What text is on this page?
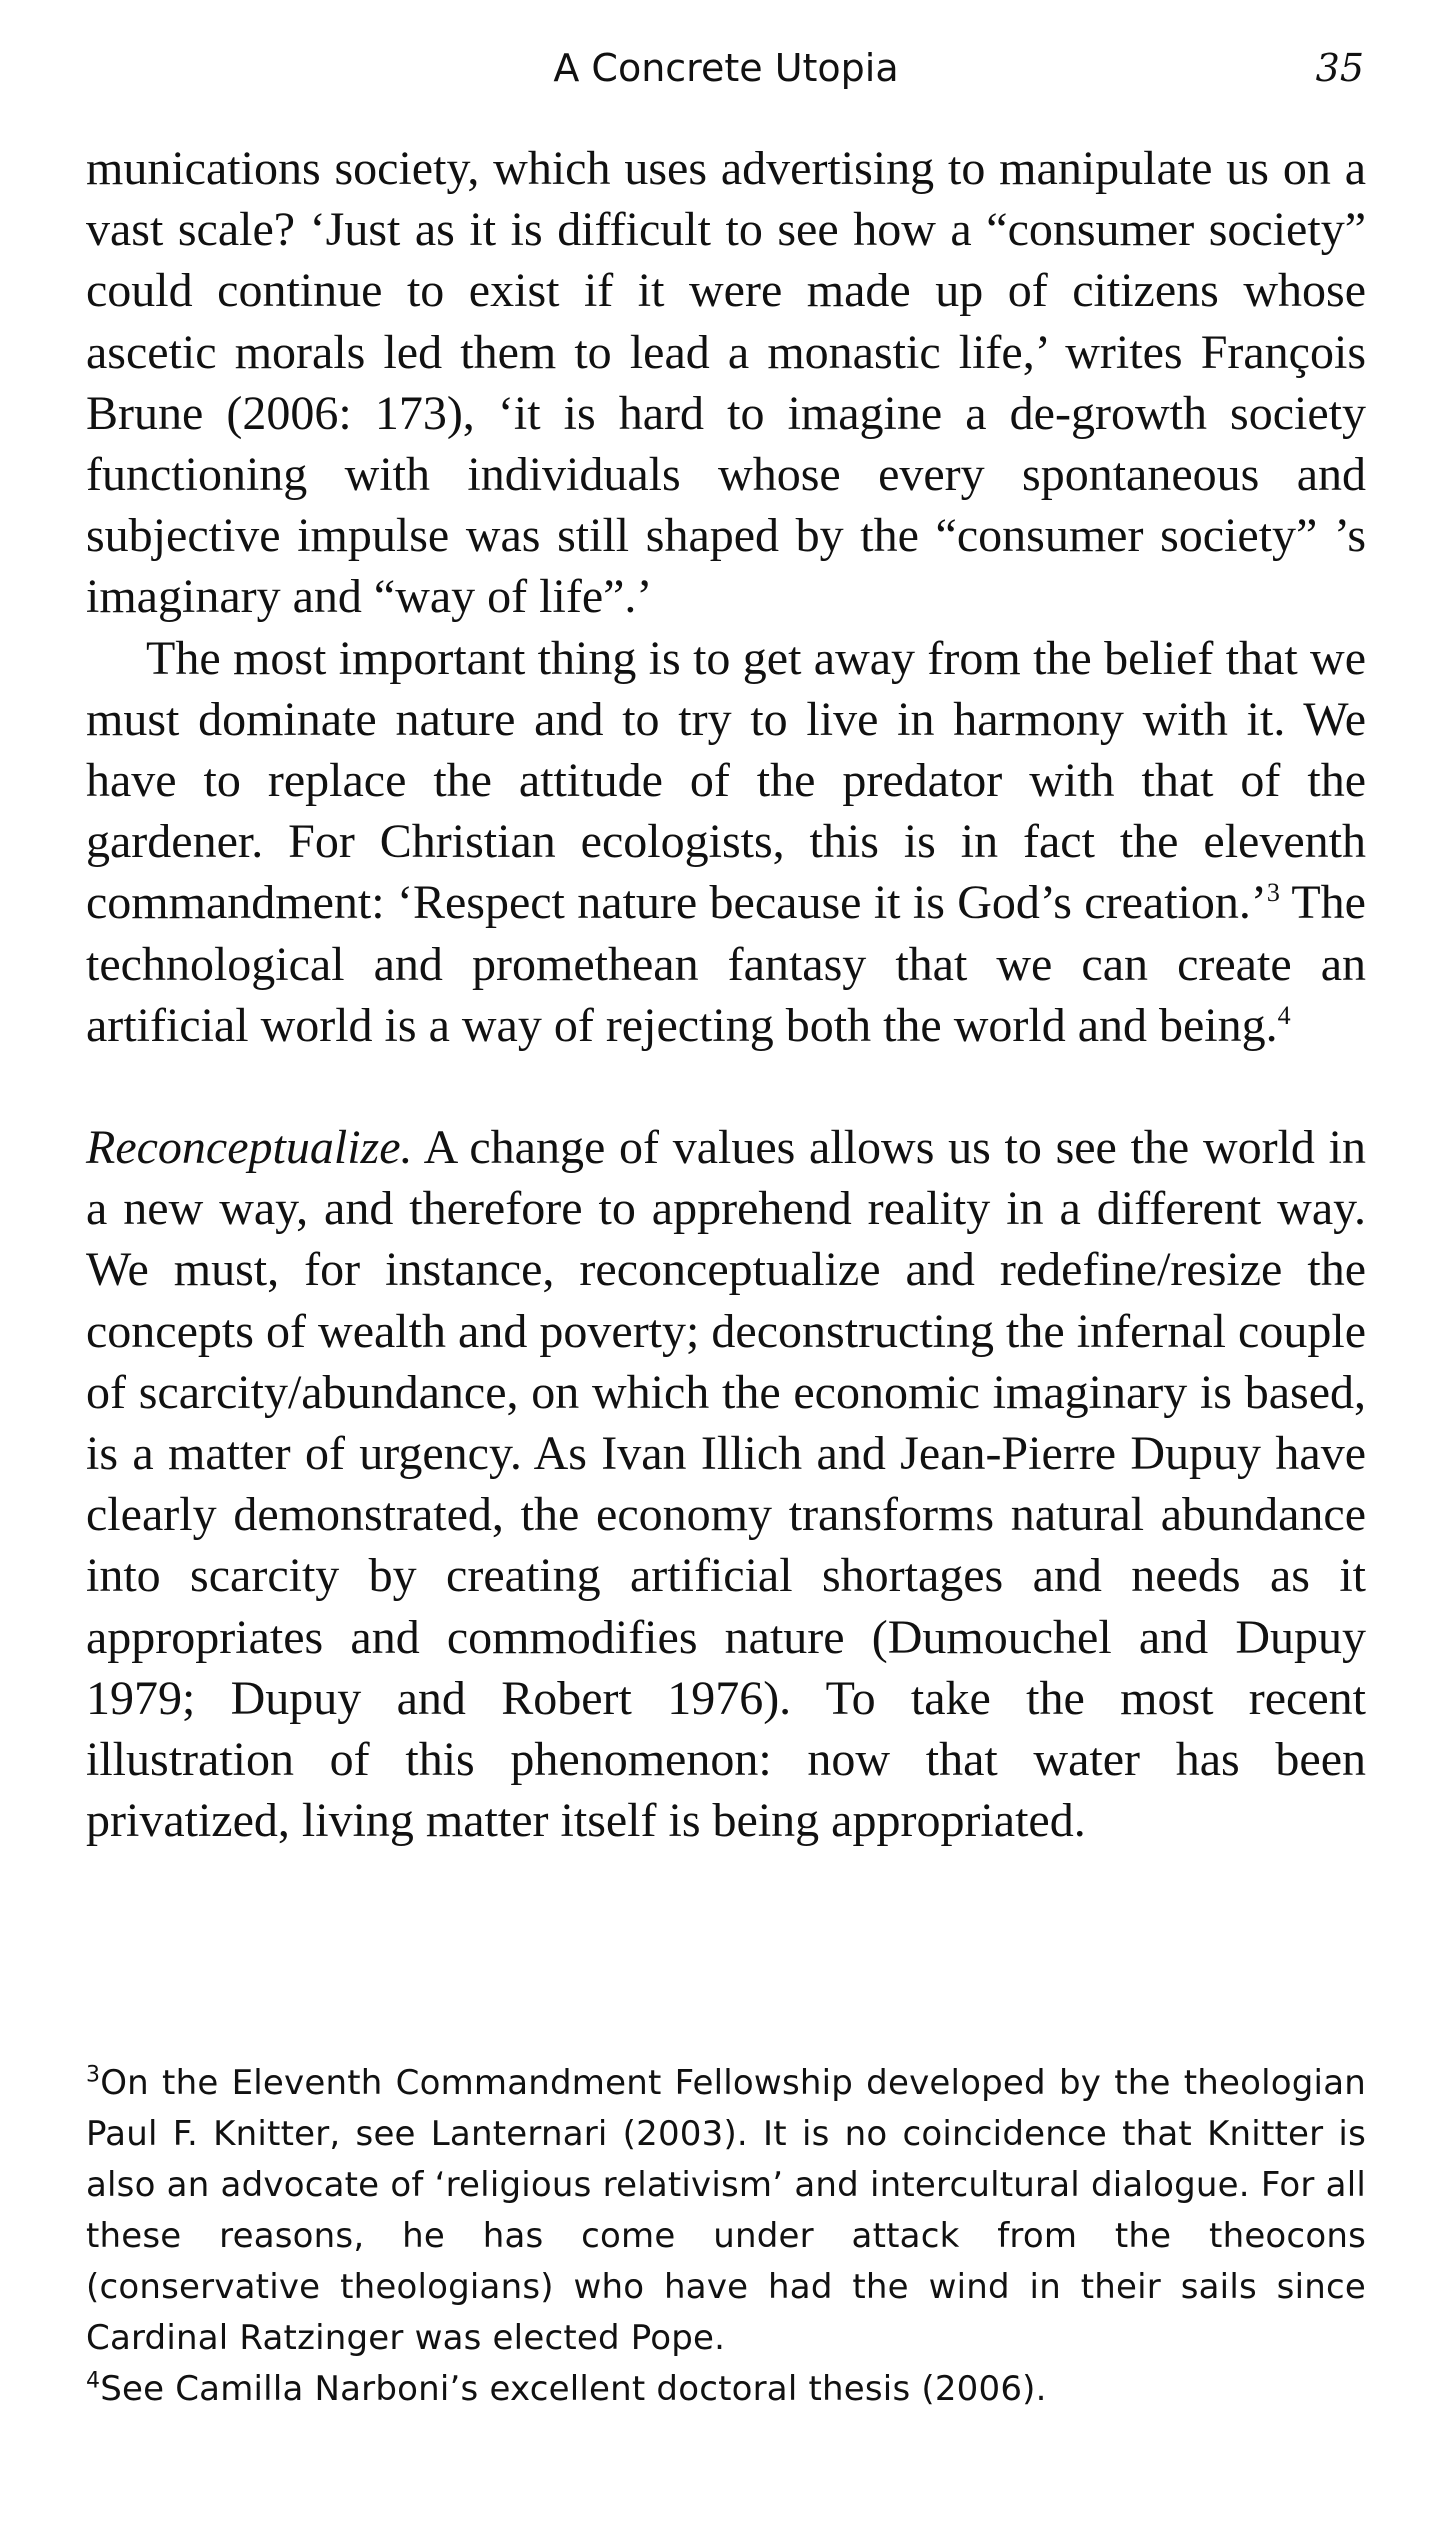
A Concrete Utopia	35

munications society, which uses advertising to manipulate us on a vast scale? ‘Just as it is difficult to see how a “consumer society” could continue to exist if it were made up of citizens whose ascetic morals led them to lead a monastic life,’ writes François Brune (2006: 173), ‘it is hard to imagine a de-growth society functioning with individuals whose every spontaneous and subjective impulse was still shaped by the “consumer society” ’s imaginary and “way of life”.’

The most important thing is to get away from the belief that we must dominate nature and to try to live in harmony with it. We have to replace the attitude of the predator with that of the gardener. For Christian ecologists, this is in fact the eleventh commandment: ‘Respect nature because it is God’s creation.’$^3$ The technological and promethean fantasy that we can create an artificial world is a way of rejecting both the world and being.$^4$

Reconceptualize. A change of values allows us to see the world in a new way, and therefore to apprehend reality in a different way. We must, for instance, reconceptualize and redefine/resize the concepts of wealth and poverty; deconstructing the infernal couple of scarcity/abundance, on which the economic imaginary is based, is a matter of urgency. As Ivan Illich and Jean-Pierre Dupuy have clearly demonstrated, the economy transforms natural abundance into scarcity by creating artificial shortages and needs as it appropriates and commodifies nature (Dumouchel and Dupuy 1979; Dupuy and Robert 1976). To take the most recent illustration of this phenomenon: now that water has been privatized, living matter itself is being appropriated.

$^3$On the Eleventh Commandment Fellowship developed by the theologian Paul F. Knitter, see Lanternari (2003). It is no coincidence that Knitter is also an advocate of ‘religious relativism’ and intercultural dialogue. For all these reasons, he has come under attack from the theocons (conservative theologians) who have had the wind in their sails since Cardinal Ratzinger was elected Pope.

$^4$See Camilla Narboni’s excellent doctoral thesis (2006).
